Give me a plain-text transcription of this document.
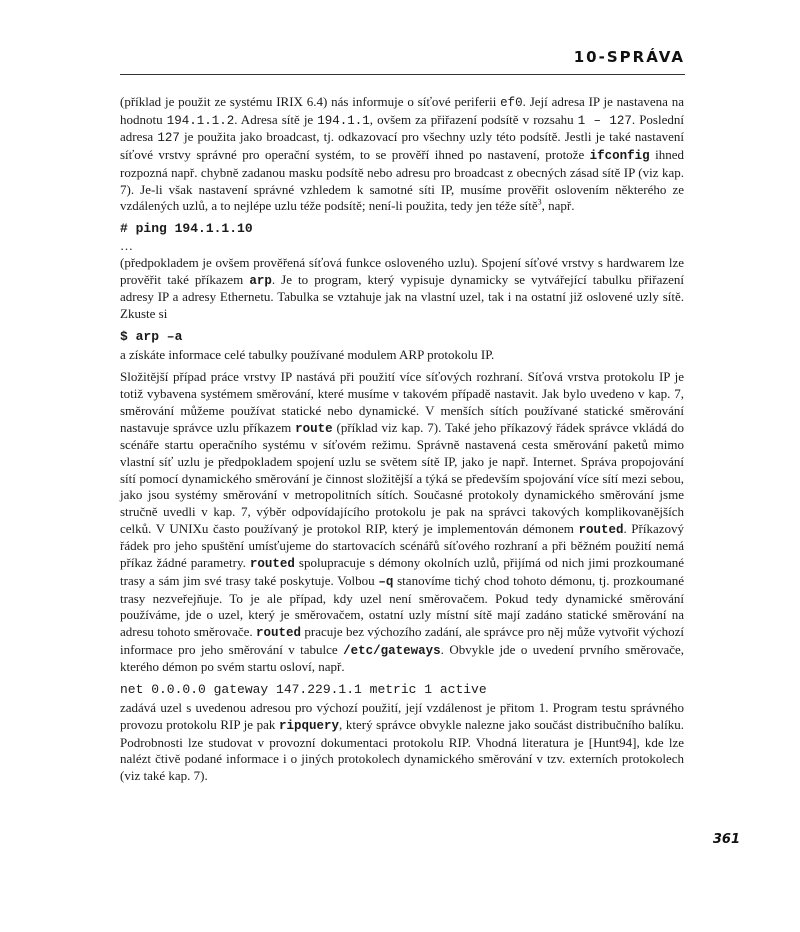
10-SPRÁVA

(příklad je použit ze systému IRIX 6.4) nás informuje o síťové periferii ef0. Její adresa IP je nastavena na hodnotu 194.1.1.2. Adresa sítě je 194.1.1, ovšem za přiřazení podsítě v rozsahu 1 – 127. Poslední adresa 127 je použita jako broadcast, tj. odkazovací pro všechny uzly této podsítě. Jestli je také nastavení síťové vrstvy správné pro operační systém, to se prověří ihned po nastavení, protože ifconfig ihned rozpozná např. chybně zadanou masku podsítě nebo adresu pro broadcast z obecných zásad sítě IP (viz kap. 7). Je-li však nastavení správné vzhledem k samotné síti IP, musíme prověřit oslovením některého ze vzdálených uzlů, a to nejlépe uzlu téže podsítě; není-li použita, tedy jen téže sítě$^3$, např.

# ping 194.1.1.10
…

(předpokladem je ovšem prověřená síťová funkce osloveného uzlu). Spojení síťové vrstvy s hardwarem lze prověřit také příkazem arp. Je to program, který vypisuje dynamicky se vytvářející tabulku přiřazení adresy IP a adresy Ethernetu. Tabulka se vztahuje jak na vlastní uzel, tak i na ostatní již oslovené uzly sítě. Zkuste si

$ arp –a

a získáte informace celé tabulky používané modulem ARP protokolu IP.

Složitější případ práce vrstvy IP nastává při použití více síťových rozhraní. Síťová vrstva protokolu IP je totiž vybavena systémem směrování, které musíme v takovém případě nastavit. Jak bylo uvedeno v kap. 7, směrování můžeme používat statické nebo dynamické. V menších sítích používané statické směrování nastavuje správce uzlu příkazem route (příklad viz kap. 7). Také jeho příkazový řádek správce vkládá do scénáře startu operačního systému v síťovém režimu. Správně nastavená cesta směrování paketů mimo vlastní síť uzlu je předpokladem spojení uzlu se světem sítě IP, jako je např. Internet. Správa propojování sítí pomocí dynamického směrování je činnost složitější a týká se především spojování více sítí mezi sebou, jako jsou systémy směrování v metropolitních sítích. Současné protokoly dynamického směrování jsme stručně uvedli v kap. 7, výběr odpovídajícího protokolu je pak na správci takových komplikovanějších celků. V UNIXu často používaný je protokol RIP, který je implementován démonem routed. Příkazový řádek pro jeho spuštění umísťujeme do startovacích scénářů síťového rozhraní a při běžném použití nemá příkaz žádné parametry. routed spolupracuje s démony okolních uzlů, přijímá od nich jimi prozkoumané trasy a sám jim své trasy také poskytuje. Volbou –q stanovíme tichý chod tohoto démonu, tj. prozkoumané trasy nezveřejňuje. To je ale případ, kdy uzel není směrovačem. Pokud tedy dynamické směrování používáme, jde o uzel, který je směrovačem, ostatní uzly místní sítě mají zadáno statické směrování na adresu tohoto směrovače. routed pracuje bez výchozího zadání, ale správce pro něj může vytvořit výchozí informace pro jeho směrování v tabulce /etc/gateways. Obvykle jde o uvedení prvního směrovače, kterého démon po svém startu osloví, např.

net 0.0.0.0 gateway 147.229.1.1 metric 1 active

zadává uzel s uvedenou adresou pro výchozí použití, její vzdálenost je přitom 1. Program testu správného provozu protokolu RIP je pak ripquery, který správce obvykle nalezne jako součást distribučního balíku. Podrobnosti lze studovat v provozní dokumentaci protokolu RIP. Vhodná literatura je [Hunt94], kde lze nalézt čtivě podané informace i o jiných protokolech dynamického směrování v tzv. externích protokolech (viz také kap. 7).

361
